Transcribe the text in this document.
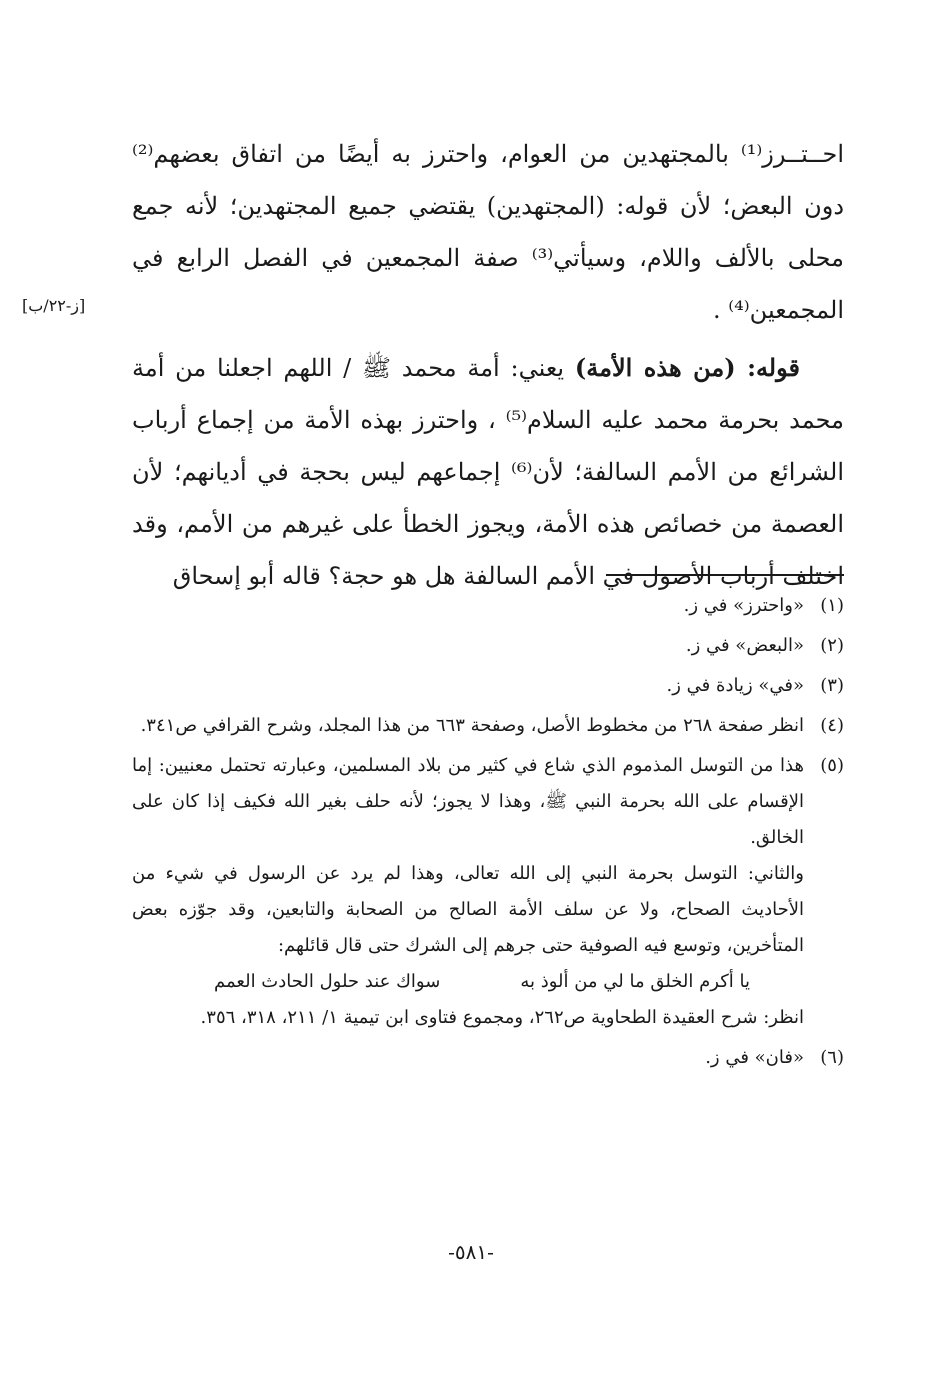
احــتــرز⁽¹⁾ بالمجتهدين من العوام، واحترز به أيضًا من اتفاق بعضهم⁽²⁾ دون البعض؛ لأن قوله: (المجتهدين) يقتضي جميع المجتهدين؛ لأنه جمع محلى بالألف واللام، وسيأتي⁽³⁾ صفة المجمعين في الفصل الرابع في المجمعين⁽⁴⁾ .

قوله: (من هذه الأمة) يعني: أمة محمد ﷺ / اللهم اجعلنا من أمة محمد بحرمة محمد عليه السلام⁽⁵⁾ ، واحترز بهذه الأمة من إجماع أرباب الشرائع من الأمم السالفة؛ لأن⁽⁶⁾ إجماعهم ليس بحجة في أديانهم؛ لأن العصمة من خصائص هذه الأمة، ويجوز الخطأ على غيرهم من الأمم، وقد اختلف أرباب الأصول في الأمم السالفة هل هو حجة؟ قاله أبو إسحاق

[ز-٢٢/ب]
(١)
«واحترز» في ز.
(٢)
«البعض» في ز.
(٣)
«في» زيادة في ز.
(٤)
انظر صفحة ٢٦٨ من مخطوط الأصل، وصفحة ٦٦٣ من هذا المجلد، وشرح القرافي ص٣٤١.
(٥)
هذا من التوسل المذموم الذي شاع في كثير من بلاد المسلمين، وعبارته تحتمل معنيين: إما الإقسام على الله بحرمة النبي ﷺ، وهذا لا يجوز؛ لأنه حلف بغير الله فكيف إذا كان على الخالق.
والثاني: التوسل بحرمة النبي إلى الله تعالى، وهذا لم يرد عن الرسول في شيء من الأحاديث الصحاح، ولا عن سلف الأمة الصالح من الصحابة والتابعين، وقد جوّزه بعض المتأخرين، وتوسع فيه الصوفية حتى جرهم إلى الشرك حتى قال قائلهم:
يا أكرم الخلق ما لي من ألوذ به
سواك عند حلول الحادث العمم
انظر: شرح العقيدة الطحاوية ص٢٦٢، ومجموع فتاوى ابن تيمية ١/ ٢١١، ٣١٨، ٣٥٦.
(٦)
«فان» في ز.
-٥٨١-
